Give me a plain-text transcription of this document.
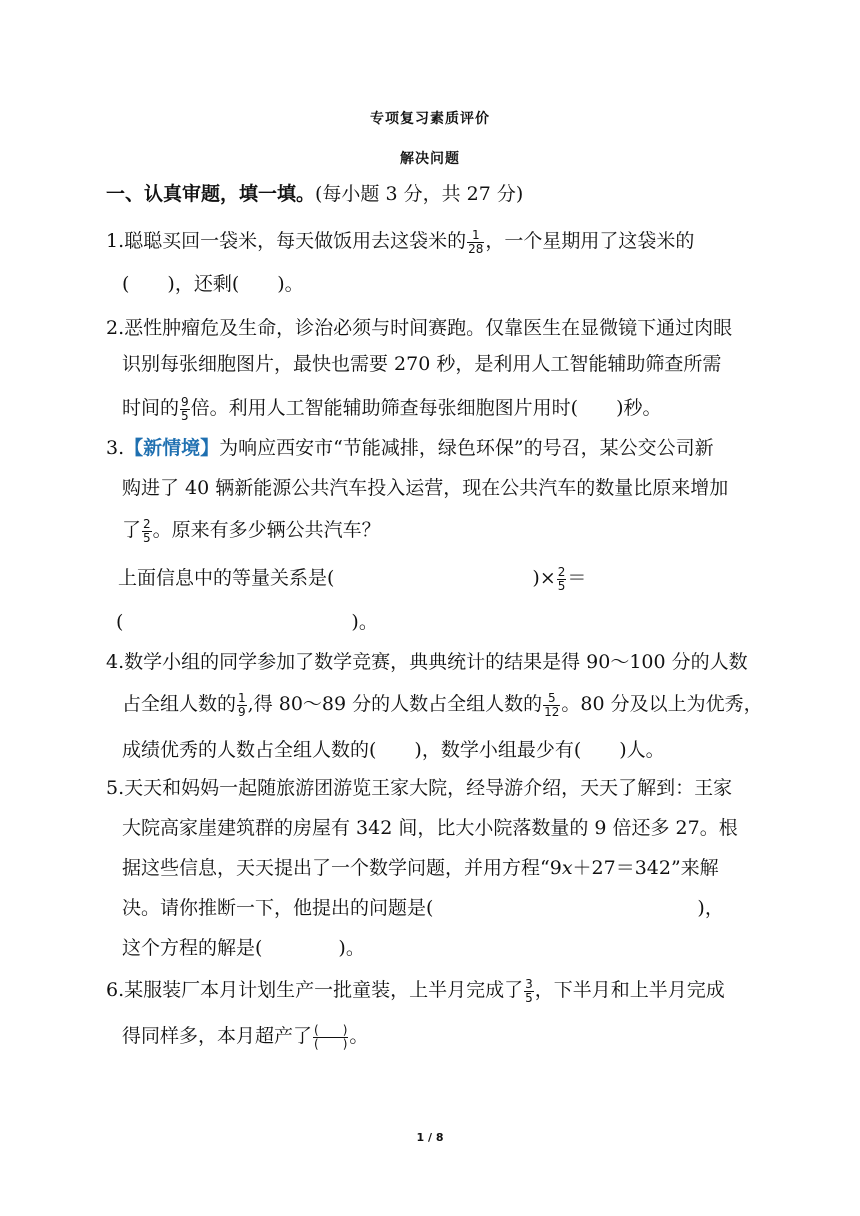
专项复习素质评价
解决问题
一、认真审题，填一填。(每小题 3 分，共 27 分)
1.聪聪买回一袋米，每天做饭用去这袋米的 $\frac{1}{28}$ ，一个星期用了这袋米的
(　　)，还剩(　　)。
2.恶性肿瘤危及生命，诊治必须与时间赛跑。仅靠医生在显微镜下通过肉眼
识别每张细胞图片，最快也需要 270 秒，是利用人工智能辅助筛查所需
时间的 $\frac{9}{5}$ 倍。利用人工智能辅助筛查每张细胞图片用时(　　)秒。
3.【新情境】为响应西安市“节能减排，绿色环保”的号召，某公交公司新
购进了 40 辆新能源公共汽车投入运营，现在公共汽车的数量比原来增加
了 $\frac{2}{5}$ 。原来有多少辆公共汽车？
上面信息中的等量关系是(	)× $\frac{2}{5}$ ＝
(　　　　　　　　　　　　)。
4.数学小组的同学参加了数学竞赛，典典统计的结果是得 90～100 分的人数
占全组人数的 $\frac{1}{9}$ ,得 80～89 分的人数占全组人数的 $\frac{5}{12}$ 。80 分及以上为优秀，
成绩优秀的人数占全组人数的(　　)，数学小组最少有(　　)人。
5.天天和妈妈一起随旅游团游览王家大院，经导游介绍，天天了解到：王家
大院高家崖建筑群的房屋有 342 间，比大小院落数量的 9 倍还多 27。根
据这些信息，天天提出了一个数学问题，并用方程“9x＋27＝342”来解
决。请你推断一下，他提出的问题是(	)，
这个方程的解是(　　　　)。
6.某服装厂本月计划生产一批童装，上半月完成了 $\frac{3}{5}$ ，下半月和上半月完成
得同样多，本月超产了 $\frac{( )}{( )}$ 。
1 / 8
